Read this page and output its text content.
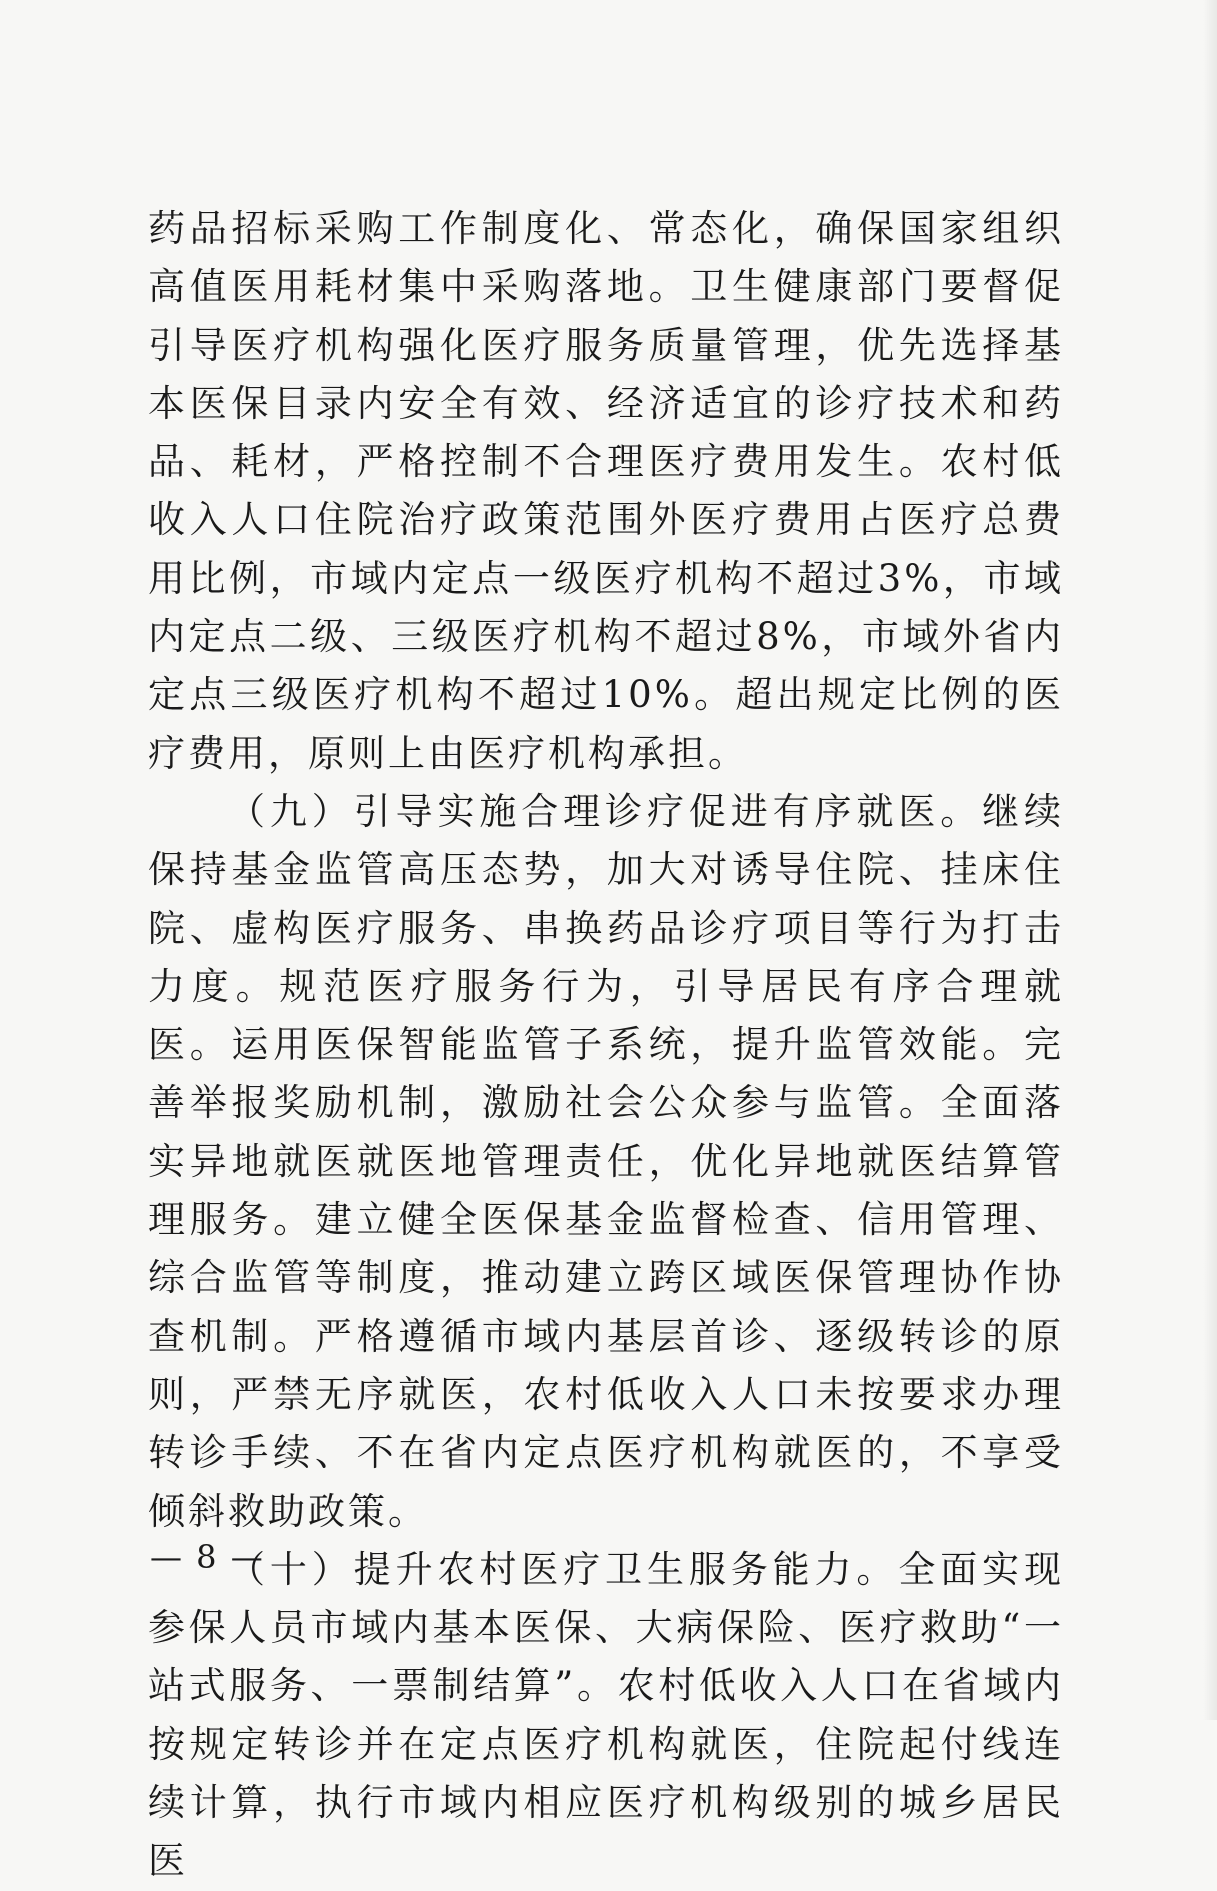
药品招标采购工作制度化、常态化，确保国家组织高值医用耗材集中采购落地。卫生健康部门要督促引导医疗机构强化医疗服务质量管理，优先选择基本医保目录内安全有效、经济适宜的诊疗技术和药品、耗材，严格控制不合理医疗费用发生。农村低收入人口住院治疗政策范围外医疗费用占医疗总费用比例，市域内定点一级医疗机构不超过3%，市域内定点二级、三级医疗机构不超过8%，市域外省内定点三级医疗机构不超过10%。超出规定比例的医疗费用，原则上由医疗机构承担。

（九）引导实施合理诊疗促进有序就医。继续保持基金监管高压态势，加大对诱导住院、挂床住院、虚构医疗服务、串换药品诊疗项目等行为打击力度。规范医疗服务行为，引导居民有序合理就医。运用医保智能监管子系统，提升监管效能。完善举报奖励机制，激励社会公众参与监管。全面落实异地就医就医地管理责任，优化异地就医结算管理服务。建立健全医保基金监督检查、信用管理、综合监管等制度，推动建立跨区域医保管理协作协查机制。严格遵循市域内基层首诊、逐级转诊的原则，严禁无序就医，农村低收入人口未按要求办理转诊手续、不在省内定点医疗机构就医的，不享受倾斜救助政策。

（十）提升农村医疗卫生服务能力。全面实现参保人员市域内基本医保、大病保险、医疗救助“一站式服务、一票制结算”。农村低收入人口在省域内按规定转诊并在定点医疗机构就医，住院起付线连续计算，执行市域内相应医疗机构级别的城乡居民医

— 8 —
